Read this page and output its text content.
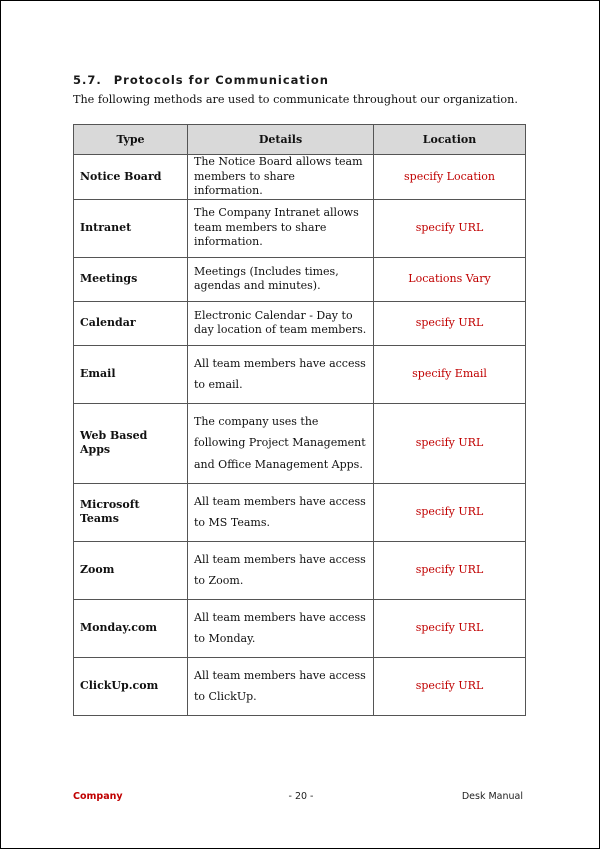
5.7. Protocols for Communication
The following methods are used to communicate throughout our organization.
Type	Details	Location
Notice Board	The Notice Board allows team members to share information.	specify Location
Intranet	The Company Intranet allows team members to share information.	specify URL
Meetings	Meetings (Includes times, agendas and minutes).	Locations Vary
Calendar	Electronic Calendar - Day to day location of team members.	specify URL
Email	All team members have access to email.	specify Email
Web Based Apps	The company uses the following Project Management and Office Management Apps.	specify URL
Microsoft Teams	All team members have access to MS Teams.	specify URL
Zoom	All team members have access to Zoom.	specify URL
Monday.com	All team members have access to Monday.	specify URL
ClickUp.com	All team members have access to ClickUp.	specify URL
Company	- 20 -	Desk Manual
